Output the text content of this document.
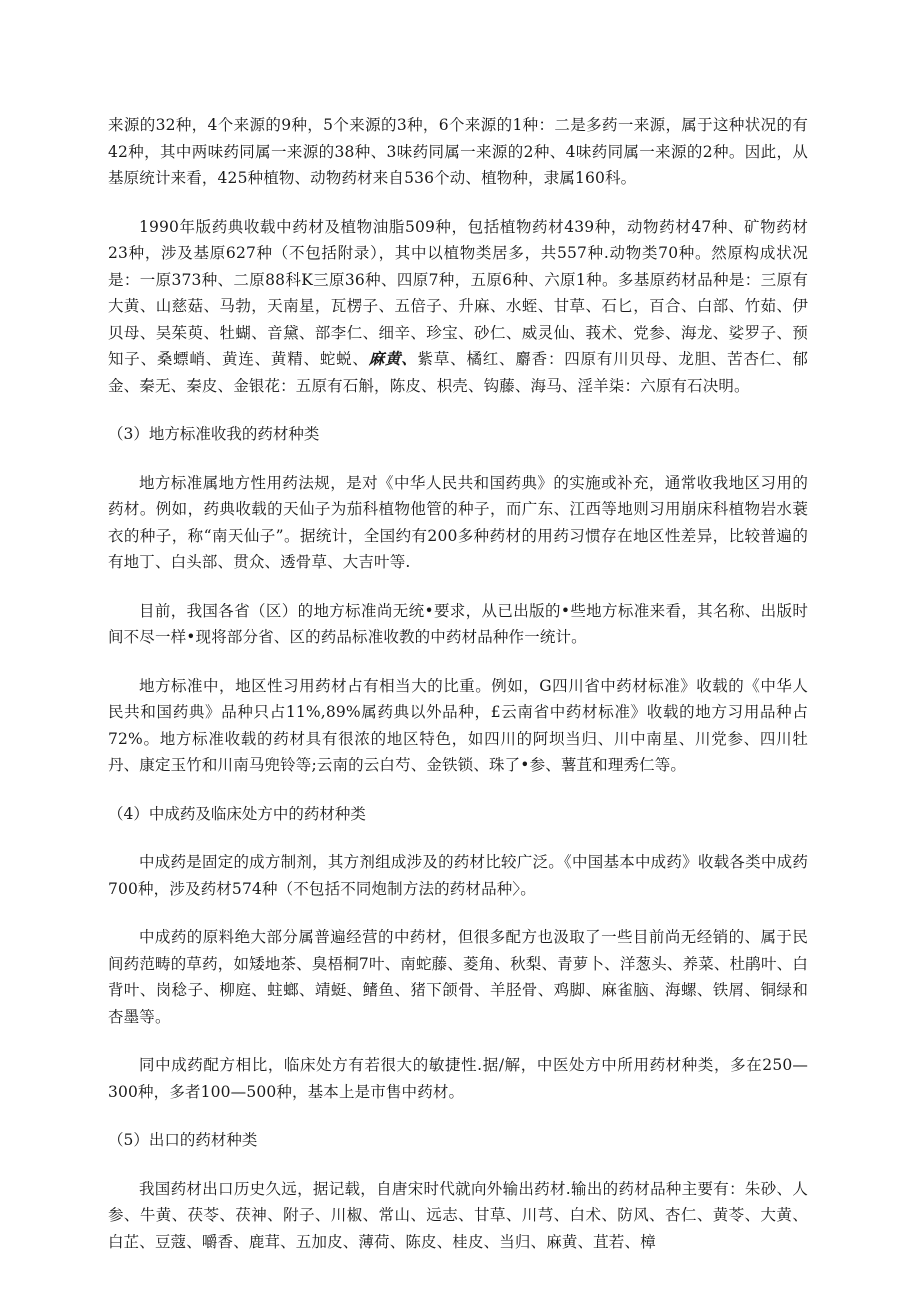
来源的32种，4个来源的9种，5个来源的3种，6个来源的1种：二是多药一来源，属于这种状况的有42种，其中两味药同属一来源的38种、3味药同属一来源的2种、4味药同属一来源的2种。因此，从基原统计来看，425种植物、动物药材来自536个动、植物种，隶属160科。

1990年版药典收载中药材及植物油脂509种，包括植物药材439种，动物药材47种、矿物药材23种，涉及基原627种（不包括附录），其中以植物类居多，共557种.动物类70种。然原构成状况是：一原373种、二原88科K三原36种、四原7种，五原6种、六原1种。多基原药材品种是：三原有大黄、山慈菇、马勃，天南星，瓦楞子、五倍子、升麻、水蛭、甘草、石匕，百合、白部、竹茹、伊贝母、吴茱萸、牡蝴、音黛、部李仁、细辛、珍宝、砂仁、威灵仙、莪术、党参、海龙、娑罗子、预知子、桑螵峭、黄连、黄精、蛇蜕、麻黄、紫草、橘红、麝香：四原有川贝母、龙胆、苦杏仁、郁金、秦无、秦皮、金银花：五原有石斛，陈皮、枳壳、钩藤、海马、淫羊柒：六原有石决明。

（3）地方标准收我的药材种类

地方标准属地方性用药法规，是对《中华人民共和国药典》的实施或补充，通常收我地区习用的药材。例如，药典收载的天仙子为茄科植物他管的种子，而广东、江西等地则习用崩床科植物岩水蓑衣的种子，称“南天仙子”。据统计，全国约有200多种药材的用药习惯存在地区性差异，比较普遍的有地丁、白头部、贯众、透骨草、大吉叶等.

目前，我国各省（区）的地方标准尚无统•要求，从已出版的•些地方标准来看，其名称、出版时间不尽一样•现将部分省、区的药品标准收教的中药材品种作一统计。

地方标准中，地区性习用药材占有相当大的比重。例如，G四川省中药材标准》收载的《中华人民共和国药典》品种只占11%,89%属药典以外品种，£云南省中药材标准》收载的地方习用品种占72%。地方标准收载的药材具有很浓的地区特色，如四川的阿坝当归、川中南星、川党参、四川牡丹、康定玉竹和川南马兜铃等;云南的云白芍、金铁锁、珠了•参、薯苴和理秀仁等。

（4）中成药及临床处方中的药材种类

中成药是固定的成方制剂，其方剂组成涉及的药材比较广泛。《中国基本中成药》收载各类中成药700种，涉及药材574种（不包括不同炮制方法的药材品种〉。

中成药的原料绝大部分属普遍经营的中药材，但很多配方也汲取了一些目前尚无经销的、属于民间药范畴的草药，如矮地茶、臭梧桐7叶、南蛇藤、菱角、秋梨、青萝卜、洋葱头、养菜、杜鹃叶、白背叶、岗稔子、柳庭、蛀螂、靖蜓、鳍鱼、猪下颌骨、羊胫骨、鸡脚、麻雀脑、海螺、铁屑、铜绿和杏墨等。

同中成药配方相比，临床处方有若很大的敏捷性.据/解，中医处方中所用药材种类，多在250—300种，多者100—500种，基本上是市售中药材。

（5）出口的药材种类

我国药材出口历史久远，据记载，自唐宋时代就向外输出药材.输出的药材品种主要有：朱砂、人参、牛黄、茯苓、茯神、附子、川椒、常山、远志、甘草、川芎、白术、防风、杏仁、黄苓、大黄、白芷、豆蔻、嚼香、鹿茸、五加皮、薄荷、陈皮、桂皮、当归、麻黄、苴若、樟
